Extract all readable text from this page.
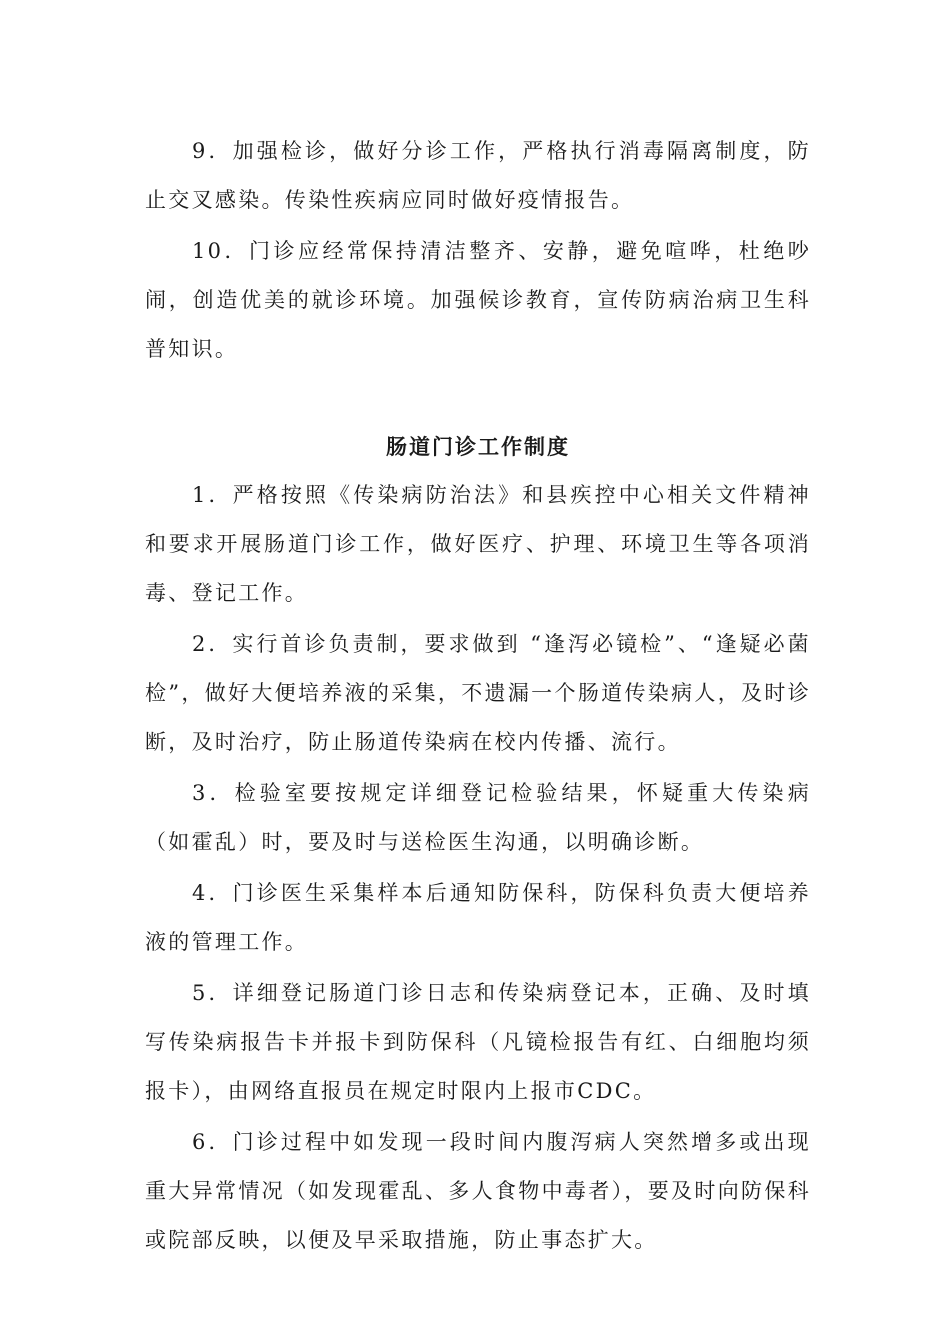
9．加强检诊，做好分诊工作，严格执行消毒隔离制度，防止交叉感染。传染性疾病应同时做好疫情报告。

10．门诊应经常保持清洁整齐、安静，避免喧哗，杜绝吵闹，创造优美的就诊环境。加强候诊教育，宣传防病治病卫生科普知识。

肠道门诊工作制度

1．严格按照《传染病防治法》和县疾控中心相关文件精神和要求开展肠道门诊工作，做好医疗、护理、环境卫生等各项消毒、登记工作。

2．实行首诊负责制，要求做到 “逢泻必镜检”、“逢疑必菌检”，做好大便培养液的采集，不遗漏一个肠道传染病人，及时诊断，及时治疗，防止肠道传染病在校内传播、流行。

3．检验室要按规定详细登记检验结果，怀疑重大传染病（如霍乱）时，要及时与送检医生沟通，以明确诊断。

4．门诊医生采集样本后通知防保科，防保科负责大便培养液的管理工作。

5．详细登记肠道门诊日志和传染病登记本，正确、及时填写传染病报告卡并报卡到防保科（凡镜检报告有红、白细胞均须报卡），由网络直报员在规定时限内上报市CDC。

6．门诊过程中如发现一段时间内腹泻病人突然增多或出现重大异常情况（如发现霍乱、多人食物中毒者），要及时向防保科或院部反映，以便及早采取措施，防止事态扩大。
